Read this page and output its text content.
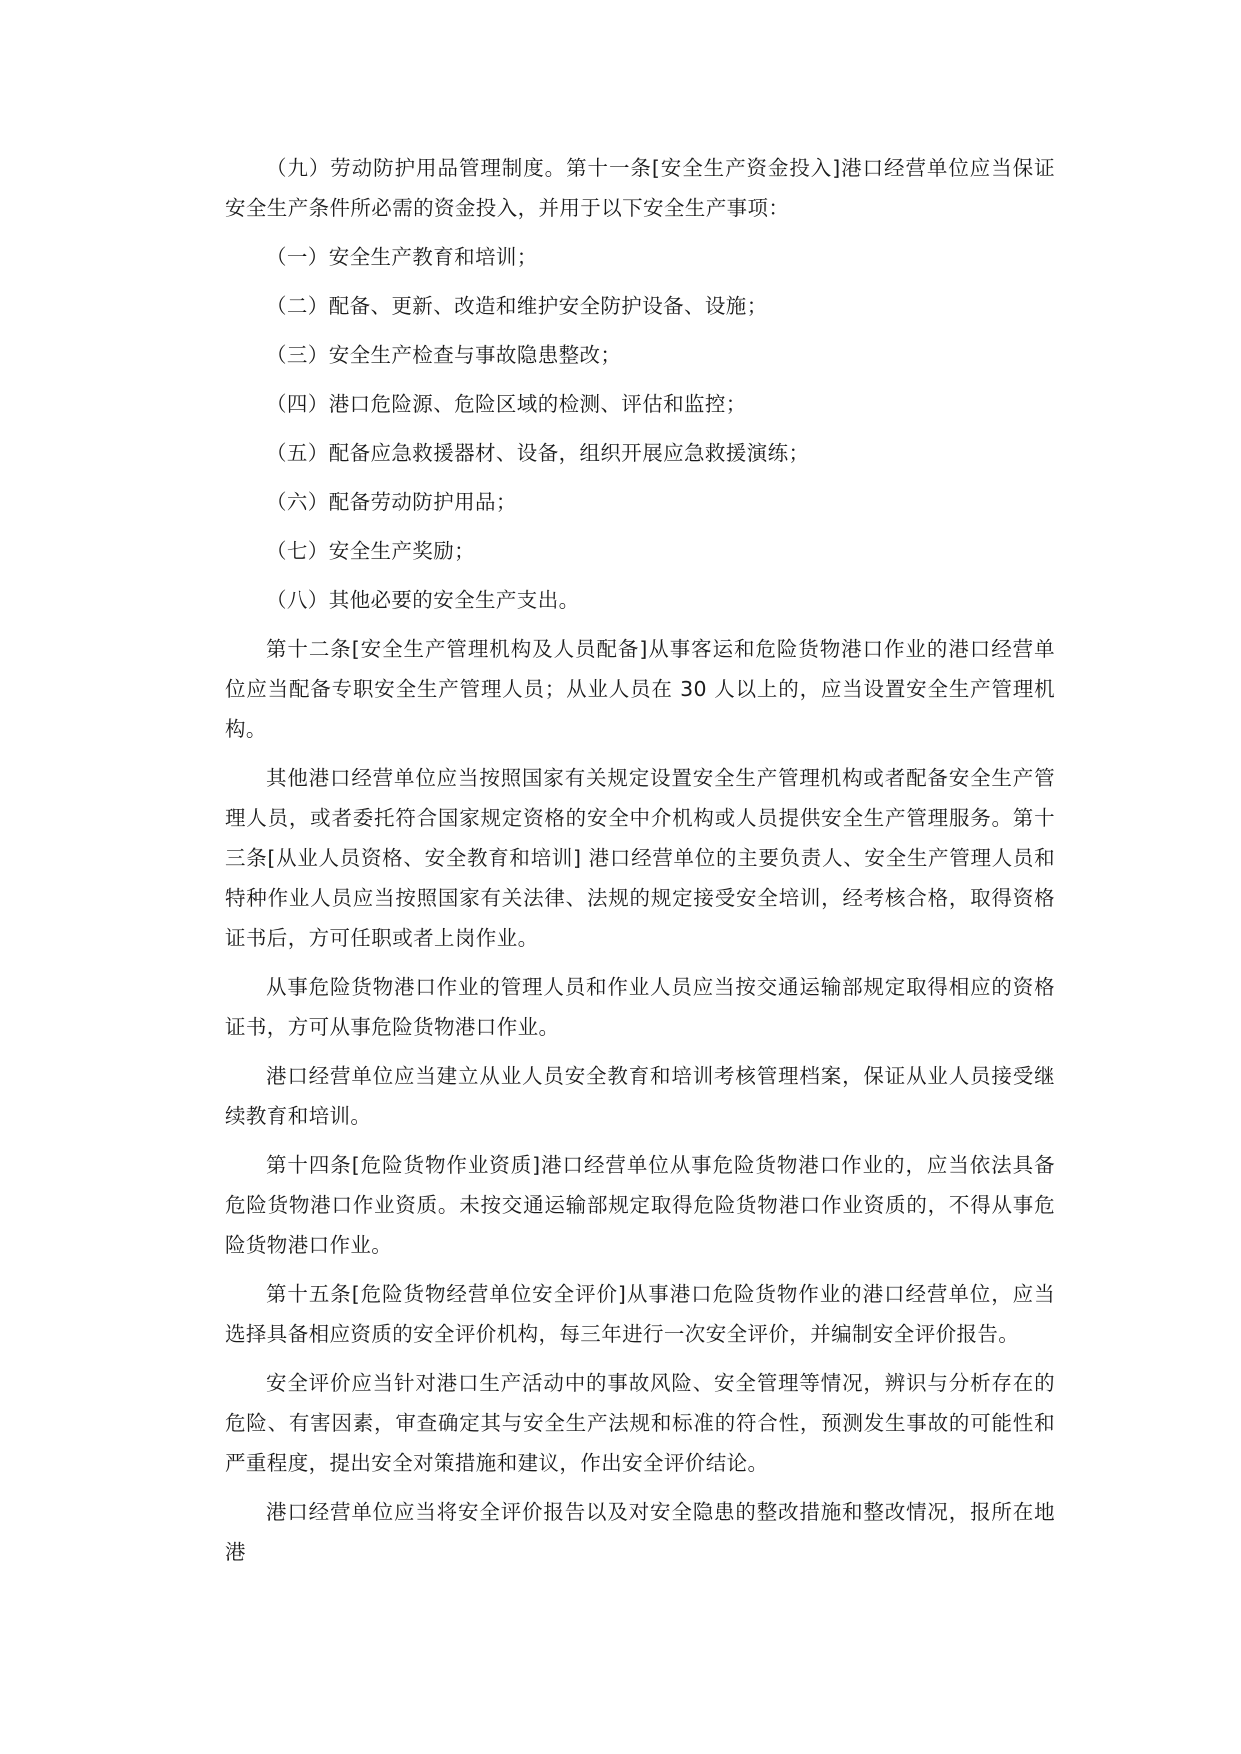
（九）劳动防护用品管理制度。第十一条[安全生产资金投入]港口经营单位应当保证安全生产条件所必需的资金投入，并用于以下安全生产事项：

（一）安全生产教育和培训；

（二）配备、更新、改造和维护安全防护设备、设施；

（三）安全生产检查与事故隐患整改；

（四）港口危险源、危险区域的检测、评估和监控；

（五）配备应急救援器材、设备，组织开展应急救援演练；

（六）配备劳动防护用品；

（七）安全生产奖励；

（八）其他必要的安全生产支出。

第十二条[安全生产管理机构及人员配备]从事客运和危险货物港口作业的港口经营单位应当配备专职安全生产管理人员；从业人员在 30 人以上的，应当设置安全生产管理机构。

其他港口经营单位应当按照国家有关规定设置安全生产管理机构或者配备安全生产管理人员，或者委托符合国家规定资格的安全中介机构或人员提供安全生产管理服务。第十三条[从业人员资格、安全教育和培训] 港口经营单位的主要负责人、安全生产管理人员和特种作业人员应当按照国家有关法律、法规的规定接受安全培训，经考核合格，取得资格证书后，方可任职或者上岗作业。

从事危险货物港口作业的管理人员和作业人员应当按交通运输部规定取得相应的资格证书，方可从事危险货物港口作业。

港口经营单位应当建立从业人员安全教育和培训考核管理档案，保证从业人员接受继续教育和培训。

第十四条[危险货物作业资质]港口经营单位从事危险货物港口作业的，应当依法具备危险货物港口作业资质。未按交通运输部规定取得危险货物港口作业资质的，不得从事危险货物港口作业。

第十五条[危险货物经营单位安全评价]从事港口危险货物作业的港口经营单位，应当选择具备相应资质的安全评价机构，每三年进行一次安全评价，并编制安全评价报告。

安全评价应当针对港口生产活动中的事故风险、安全管理等情况，辨识与分析存在的危险、有害因素，审查确定其与安全生产法规和标准的符合性，预测发生事故的可能性和严重程度，提出安全对策措施和建议，作出安全评价结论。

港口经营单位应当将安全评价报告以及对安全隐患的整改措施和整改情况，报所在地港
